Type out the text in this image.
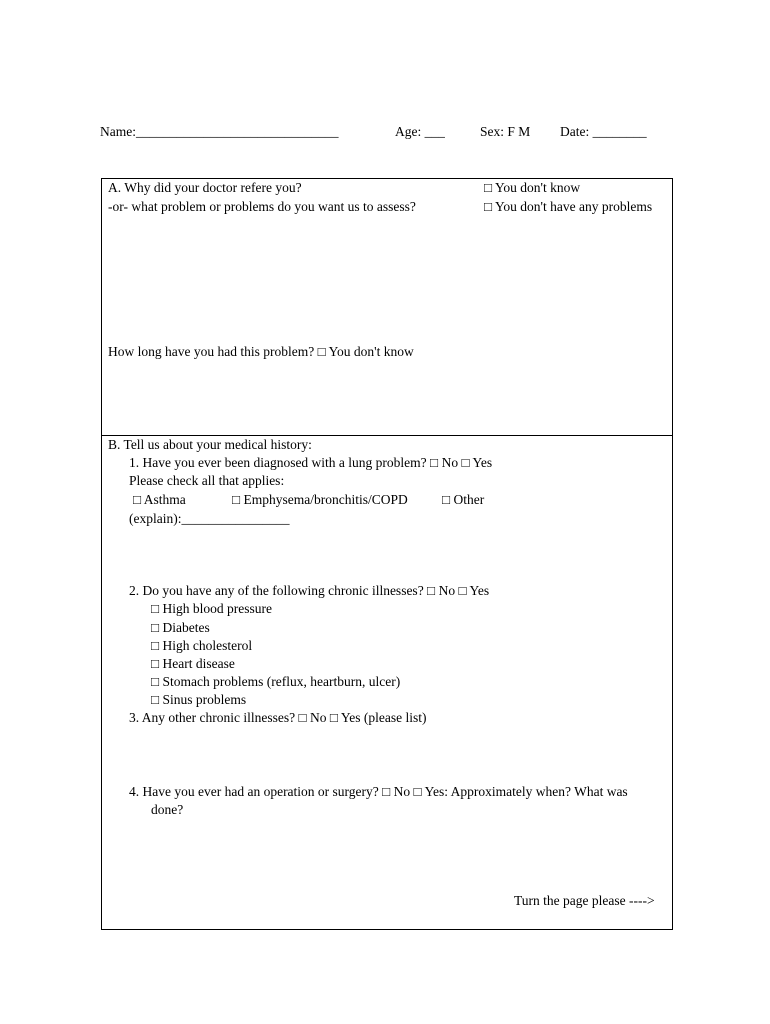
Name:______________________________	Age: ___	Sex: F M Date: ________
A. Why did your doctor refere you?
-or- what problem or problems do you want us to assess?
□ You don't know
□ You don't have any problems
How long have you had this problem? □ You don't know
B. Tell us about your medical history:
1. Have you ever been diagnosed with a lung problem? □ No □ Yes
Please check all that applies:
□ Asthma	□ Emphysema/bronchitis/COPD	□ Other
(explain):________________
2. Do you have any of the following chronic illnesses? □ No □ Yes
□ High blood pressure
□ Diabetes
□ High cholesterol
□ Heart disease
□ Stomach problems (reflux, heartburn, ulcer)
□ Sinus problems
3. Any other chronic illnesses? □ No □ Yes (please list)
4. Have you ever had an operation or surgery? □ No □ Yes: Approximately when? What was
done?
Turn the page please ---->
